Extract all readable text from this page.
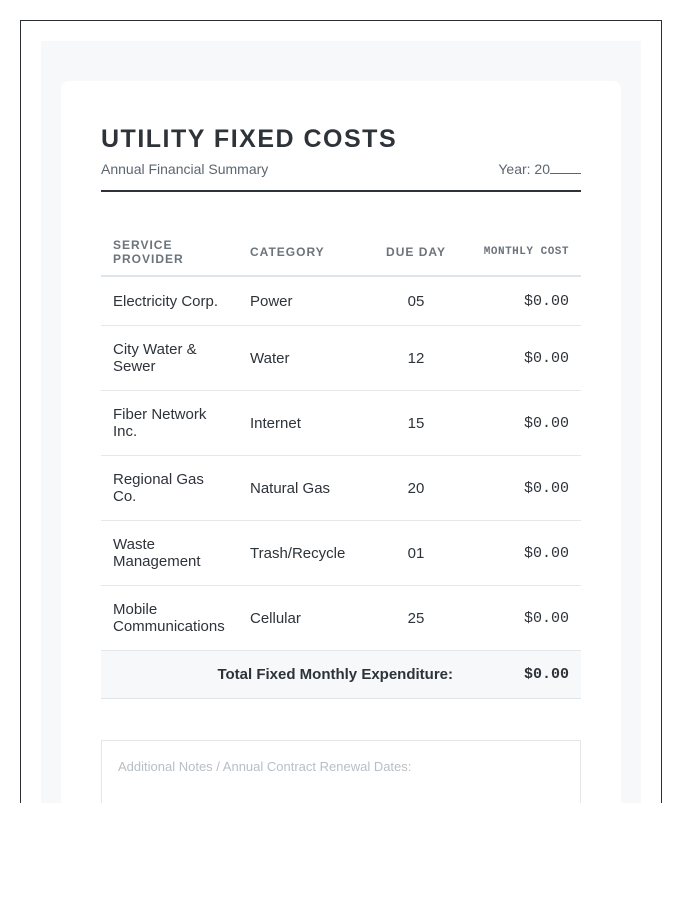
UTILITY FIXED COSTS
Annual Financial Summary	Year: 20
SERVICE
PROVIDER	CATEGORY	DUE DAY	MONTHLY COST
Electricity Corp.	Power	05	$0.00
City Water & Sewer	Water	12	$0.00
Fiber Network Inc.	Internet	15	$0.00
Regional Gas Co.	Natural Gas	20	$0.00
Waste Management	Trash/Recycle	01	$0.00
Mobile Communications	Cellular	25	$0.00
Total Fixed Monthly Expenditure:			$0.00
Additional Notes / Annual Contract Renewal Dates:
